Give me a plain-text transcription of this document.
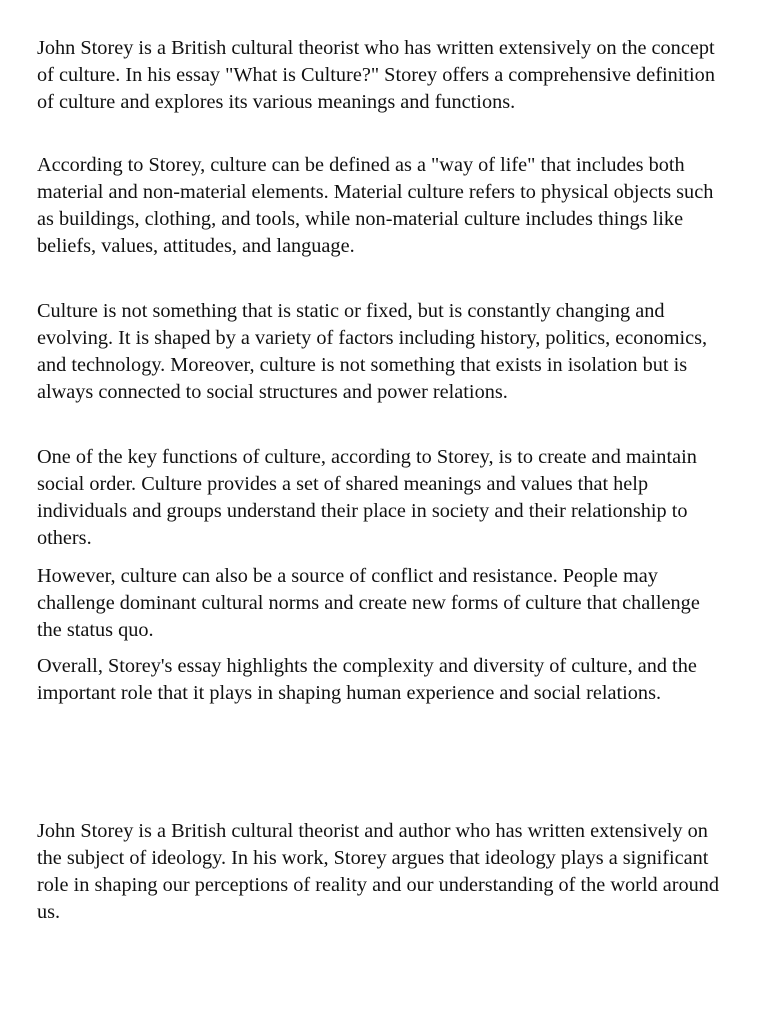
John Storey is a British cultural theorist who has written extensively on the concept of culture. In his essay "What is Culture?" Storey offers a comprehensive definition of culture and explores its various meanings and functions.

According to Storey, culture can be defined as a "way of life" that includes both material and non-material elements. Material culture refers to physical objects such as buildings, clothing, and tools, while non-material culture includes things like beliefs, values, attitudes, and language.

Culture is not something that is static or fixed, but is constantly changing and evolving. It is shaped by a variety of factors including history, politics, economics, and technology. Moreover, culture is not something that exists in isolation but is always connected to social structures and power relations.

One of the key functions of culture, according to Storey, is to create and maintain social order. Culture provides a set of shared meanings and values that help individuals and groups understand their place in society and their relationship to others.

However, culture can also be a source of conflict and resistance. People may challenge dominant cultural norms and create new forms of culture that challenge the status quo.

Overall, Storey's essay highlights the complexity and diversity of culture, and the important role that it plays in shaping human experience and social relations.

John Storey is a British cultural theorist and author who has written extensively on the subject of ideology. In his work, Storey argues that ideology plays a significant role in shaping our perceptions of reality and our understanding of the world around us.
